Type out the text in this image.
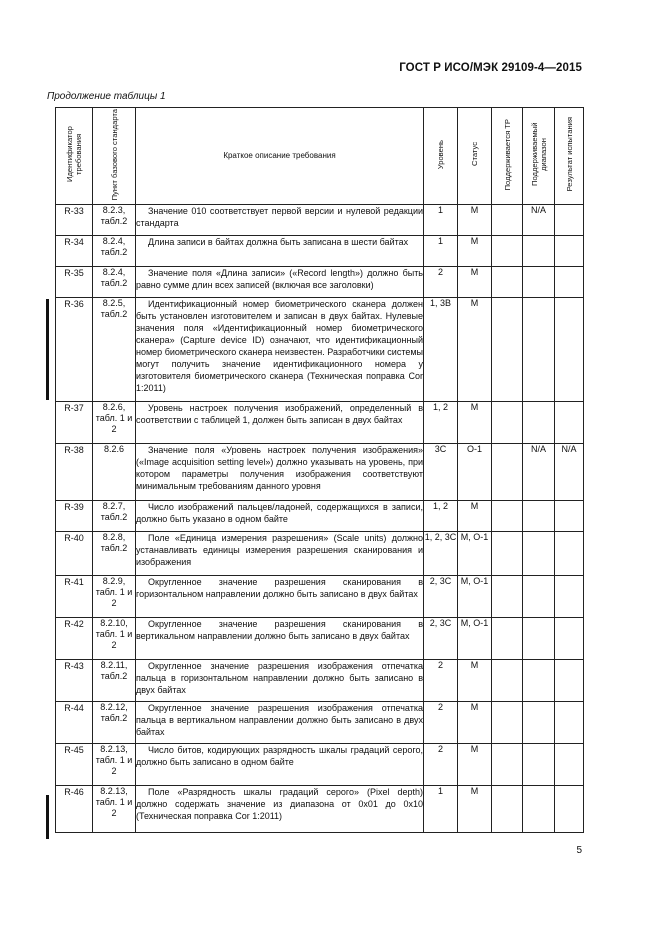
ГОСТ Р ИСО/МЭК 29109-4—2015
Продолжение таблицы 1
Идентификатор требования	Пункт базового стандарта	Краткое описание требования	Уровень	Статус	Поддерживается ТР	Поддерживаемый диапазон	Результат испытания
R-33	8.2.3, табл.2	Значение 010 соответствует первой версии и нулевой редакции стандарта	1	M		N/A	
R-34	8.2.4, табл.2	Длина записи в байтах должна быть записана в шести байтах	1	M			
R-35	8.2.4, табл.2	Значение поля «Длина записи» («Record length») должно быть равно сумме длин всех записей (включая все заголовки)	2	M			
R-36	8.2.5, табл.2	Идентификационный номер биометрического сканера должен быть установлен изготовителем и записан в двух байтах. Нулевые значения поля «Идентификационный номер биометрического сканера» (Capture device ID) означают, что идентификационный номер биометрического сканера неизвестен. Разработчики системы могут получить значение идентификационного номера у изготовителя биометрического сканера (Техническая поправка Cor 1:2011)	1, 3B	M			
R-37	8.2.6, табл. 1 и 2	Уровень настроек получения изображений, определенный в соответствии с таблицей 1, должен быть записан в двух байтах	1, 2	M			
R-38	8.2.6	Значение поля «Уровень настроек получения изображения» («Image acquisition setting level») должно указывать на уровень, при котором параметры получения изображения соответствуют минимальным требованиям данного уровня	3C	O-1		N/A	N/A
R-39	8.2.7, табл.2	Число изображений пальцев/ладоней, содержащихся в записи, должно быть указано в одном байте	1, 2	M			
R-40	8.2.8, табл.2	Поле «Единица измерения разрешения» (Scale units) должно устанавливать единицы измерения разрешения сканирования и изображения	1, 2, 3C	M, O-1			
R-41	8.2.9, табл. 1 и 2	Округленное значение разрешения сканирования в горизонтальном направлении должно быть записано в двух байтах	2, 3C	M, O-1			
R-42	8.2.10, табл. 1 и 2	Округленное значение разрешения сканирования в вертикальном направлении должно быть записано в двух байтах	2, 3C	M, O-1			
R-43	8.2.11, табл.2	Округленное значение разрешения изображения отпечатка пальца в горизонтальном направлении должно быть записано в двух байтах	2	M			
R-44	8.2.12, табл.2	Округленное значение разрешения изображения отпечатка пальца в вертикальном направлении должно быть записано в двух байтах	2	M			
R-45	8.2.13, табл. 1 и 2	Число битов, кодирующих разрядность шкалы градаций серого, должно быть записано в одном байте	2	M			
R-46	8.2.13, табл. 1 и 2	Поле «Разрядность шкалы градаций серого» (Pixel depth) должно содержать значение из диапазона от 0x01 до 0x10 (Техническая поправка Cor 1:2011)	1	M			
5
